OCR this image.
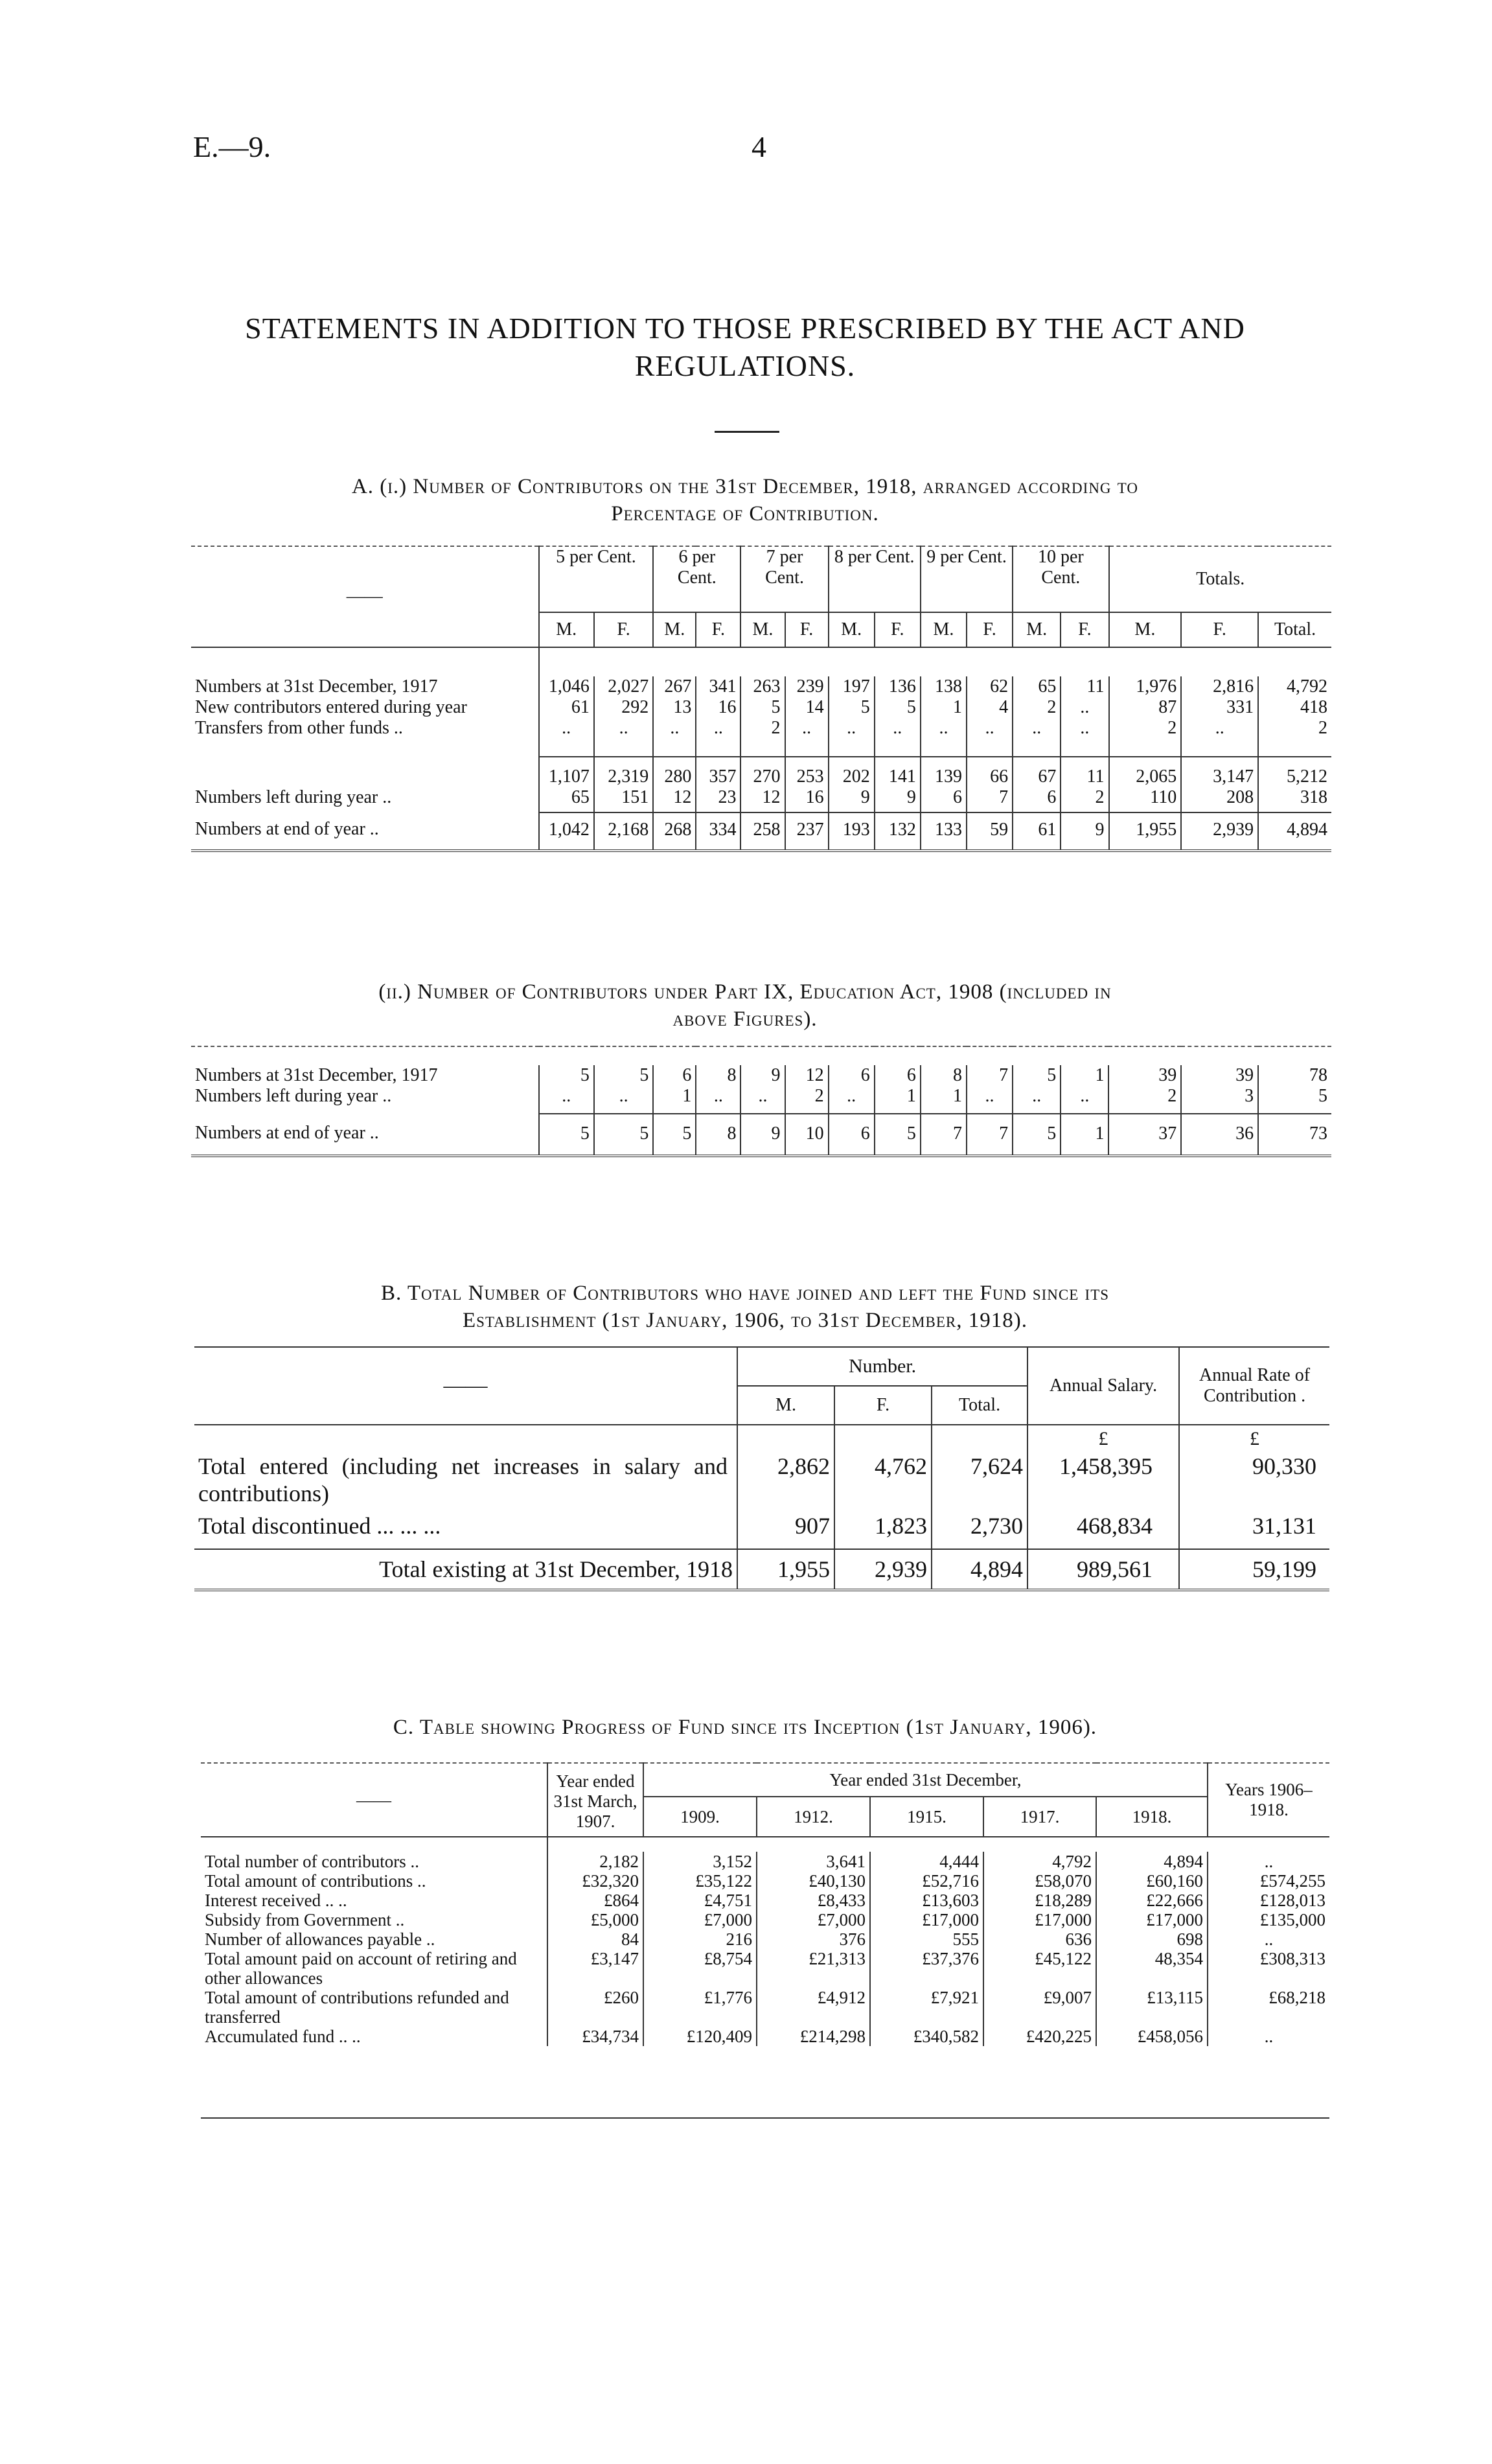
E.—9.	4
STATEMENTS IN ADDITION TO THOSE PRESCRIBED BY THE ACT AND
REGULATIONS.
A. (i.) Number of Contributors on the 31st December, 1918, arranged according to
Percentage of Contribution.
——	5 per Cent.		6 per Cent.		7 per Cent.		8 per Cent.		9 per Cent.		10 per Cent.		Totals.		
	M.	F.	M.	F.	M.	F.	M.	F.	M.	F.	M.	F.	M.	F.	Total.

Numbers at 31st December, 1917	1,046	2,027	267	341	263	239	197	136	138	62	65	11	1,976	2,816	4,792
New contributors entered during year	61	292	13	16	5	14	5	5	1	4	2	..	87	331	418
Transfers from other funds ..	..	..	..	..	2	..	..	..	..	..	..	..	2	..	2
	1,107	2,319	280	357	270	253	202	141	139	66	67	11	2,065	3,147	5,212
Numbers left during year ..	65	151	12	23	12	16	9	9	6	7	6	2	110	208	318
Numbers at end of year ..	1,042	2,168	268	334	258	237	193	132	133	59	61	9	1,955	2,939	4,894
(ii.) Number of Contributors under Part IX, Education Act, 1908 (included in
above Figures).

Numbers at 31st December, 1917	5	5	6	8	9	12	6	6	8	7	5	1	39	39	78
Numbers left during year ..	..	..	1	..	..	2	..	1	1	..	..	..	2	3	5
Numbers at end of year ..	5	5	5	8	9	10	6	5	7	7	5	1	37	36	73
B. Total Number of Contributors who have joined and left the Fund since its
Establishment (1st January, 1906, to 31st December, 1918).
——	Number.			Annual Salary.	Annual Rate of Contribution .
	M.	F.	Total.		
				£	£
Total entered (including net increases in salary and contributions)	2,862	4,762	7,624	1,458,395	90,330
Total discontinued ... ... ...	907	1,823	2,730	468,834	31,131
Total existing at 31st December, 1918	1,955	2,939	4,894	989,561	59,199
C. Table showing Progress of Fund since its Inception (1st January, 1906).
——	Year ended 31st March, 1907.	Year ended 31st December,					Years 1906–1918.
		1909.	1912.	1915.	1917.	1918.	

Total number of contributors ..	2,182	3,152	3,641	4,444	4,792	4,894	..
Total amount of contributions ..	£32,320	£35,122	£40,130	£52,716	£58,070	£60,160	£574,255
Interest received .. ..	£864	£4,751	£8,433	£13,603	£18,289	£22,666	£128,013
Subsidy from Government ..	£5,000	£7,000	£7,000	£17,000	£17,000	£17,000	£135,000
Number of allowances payable ..	84	216	376	555	636	698	..
Total amount paid on account of retiring and other allowances	£3,147	£8,754	£21,313	£37,376	£45,122	48,354	£308,313
Total amount of contributions refunded and transferred	£260	£1,776	£4,912	£7,921	£9,007	£13,115	£68,218
Accumulated fund .. ..	£34,734	£120,409	£214,298	£340,582	£420,225	£458,056	..
